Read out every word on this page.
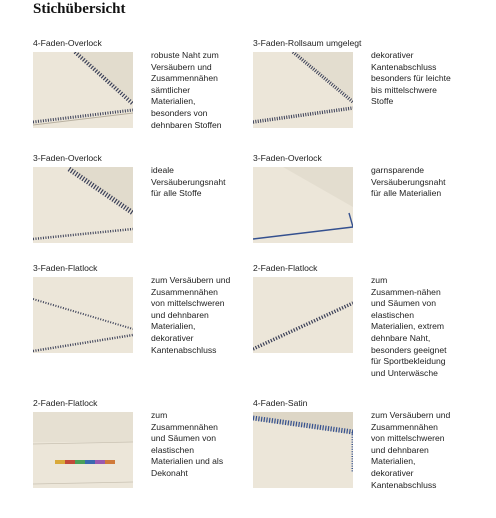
Stichübersicht
4-Faden-Overlock
robuste Naht zum
Versäubern und
Zusammennähen
sämtlicher
Materialien,
besonders von
dehnbaren Stoffen
3-Faden-Rollsaum umgelegt
dekorativer
Kantenabschluss
besonders für leichte
bis mittelschwere
Stoffe
3-Faden-Overlock
ideale
Versäuberungsnaht
für alle Stoffe
3-Faden-Overlock
garnsparende
Versäuberungsnaht
für alle Materialien
3-Faden-Flatlock
zum Versäubern und
Zusammennähen
von mittelschweren
und dehnbaren
Materialien,
dekorativer
Kantenabschluss
2-Faden-Flatlock
zum
Zusammen-nähen
und Säumen von
elastischen
Materialien, extrem
dehnbare Naht,
besonders geeignet
für Sportbekleidung
und Unterwäsche
2-Faden-Flatlock
zum
Zusammennähen
und Säumen von
elastischen
Materialien und als
Dekonaht
4-Faden-Satin
zum Versäubern und
Zusammennähen
von mittelschweren
und dehnbaren
Materialien,
dekorativer
Kantenabschluss
